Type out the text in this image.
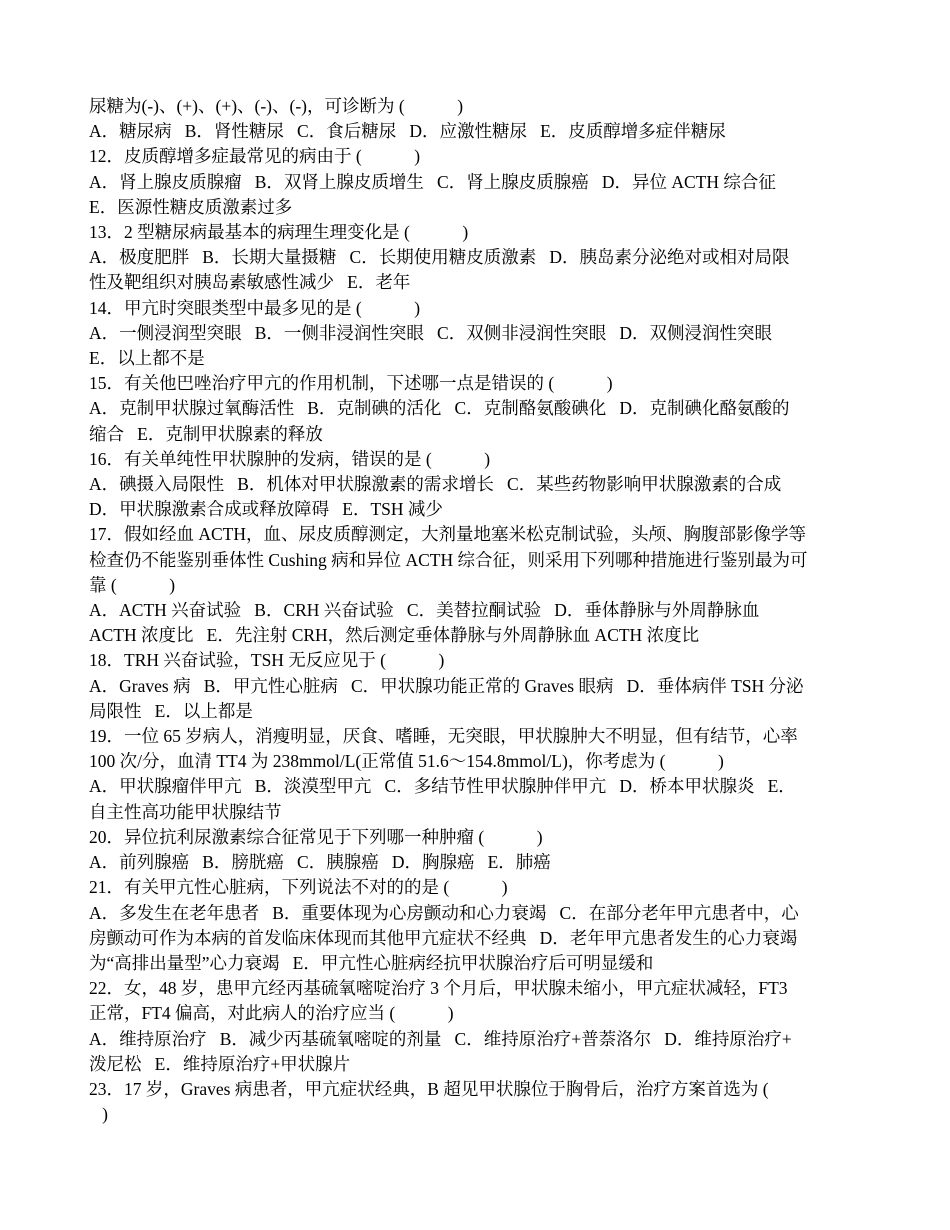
尿糖为(-)、(+)、(+)、(-)、(-)，可诊断为 (            )
A．糖尿病   B．肾性糖尿   C．食后糖尿   D．应激性糖尿   E．皮质醇增多症伴糖尿
12．皮质醇增多症最常见的病由于 (            )
A．肾上腺皮质腺瘤   B．双肾上腺皮质增生   C．肾上腺皮质腺癌   D．异位 ACTH 综合征
E．医源性糖皮质激素过多
13．2 型糖尿病最基本的病理生理变化是 (            )
A．极度肥胖   B．长期大量摄糖   C．长期使用糖皮质激素   D．胰岛素分泌绝对或相对局限
性及靶组织对胰岛素敏感性减少   E．老年
14．甲亢时突眼类型中最多见的是 (            )
A．一侧浸润型突眼   B．一侧非浸润性突眼   C．双侧非浸润性突眼   D．双侧浸润性突眼
E．以上都不是
15．有关他巴唑治疗甲亢的作用机制，下述哪一点是错误的 (            )
A．克制甲状腺过氧酶活性   B．克制碘的活化   C．克制酪氨酸碘化   D．克制碘化酪氨酸的
缩合   E．克制甲状腺素的释放
16．有关单纯性甲状腺肿的发病，错误的是 (            )
A．碘摄入局限性   B．机体对甲状腺激素的需求增长   C．某些药物影响甲状腺激素的合成
D．甲状腺激素合成或释放障碍   E．TSH 减少
17．假如经血 ACTH，血、尿皮质醇测定，大剂量地塞米松克制试验，头颅、胸腹部影像学等
检查仍不能鉴别垂体性 Cushing 病和异位 ACTH 综合征，则采用下列哪种措施进行鉴别最为可
靠 (            )
A．ACTH 兴奋试验   B．CRH 兴奋试验   C．美替拉酮试验   D．垂体静脉与外周静脉血
ACTH 浓度比   E．先注射 CRH，然后测定垂体静脉与外周静脉血 ACTH 浓度比
18．TRH 兴奋试验，TSH 无反应见于 (            )
A．Graves 病   B．甲亢性心脏病   C．甲状腺功能正常的 Graves 眼病   D．垂体病伴 TSH 分泌
局限性   E．以上都是
19．一位 65 岁病人，消瘦明显，厌食、嗜睡，无突眼，甲状腺肿大不明显，但有结节，心率
100 次/分，血清 TT4 为 238mmol/L(正常值 51.6～154.8mmol/L)，你考虑为 (            )
A．甲状腺瘤伴甲亢   B．淡漠型甲亢   C．多结节性甲状腺肿伴甲亢   D．桥本甲状腺炎   E．
自主性高功能甲状腺结节
20．异位抗利尿激素综合征常见于下列哪一种肿瘤 (            )
A．前列腺癌   B．膀胱癌   C．胰腺癌   D．胸腺癌   E．肺癌
21．有关甲亢性心脏病，下列说法不对的的是 (            )
A．多发生在老年患者   B．重要体现为心房颤动和心力衰竭   C．在部分老年甲亢患者中，心
房颤动可作为本病的首发临床体现而其他甲亢症状不经典   D．老年甲亢患者发生的心力衰竭
为“高排出量型”心力衰竭   E．甲亢性心脏病经抗甲状腺治疗后可明显缓和
22．女，48 岁，患甲亢经丙基硫氧嘧啶治疗 3 个月后，甲状腺未缩小，甲亢症状减轻，FT3
正常，FT4 偏高，对此病人的治疗应当 (            )
A．维持原治疗   B．减少丙基硫氧嘧啶的剂量   C．维持原治疗+普萘洛尔   D．维持原治疗+
泼尼松   E．维持原治疗+甲状腺片
23．17 岁，Graves 病患者，甲亢症状经典，B 超见甲状腺位于胸骨后，治疗方案首选为 (
)
